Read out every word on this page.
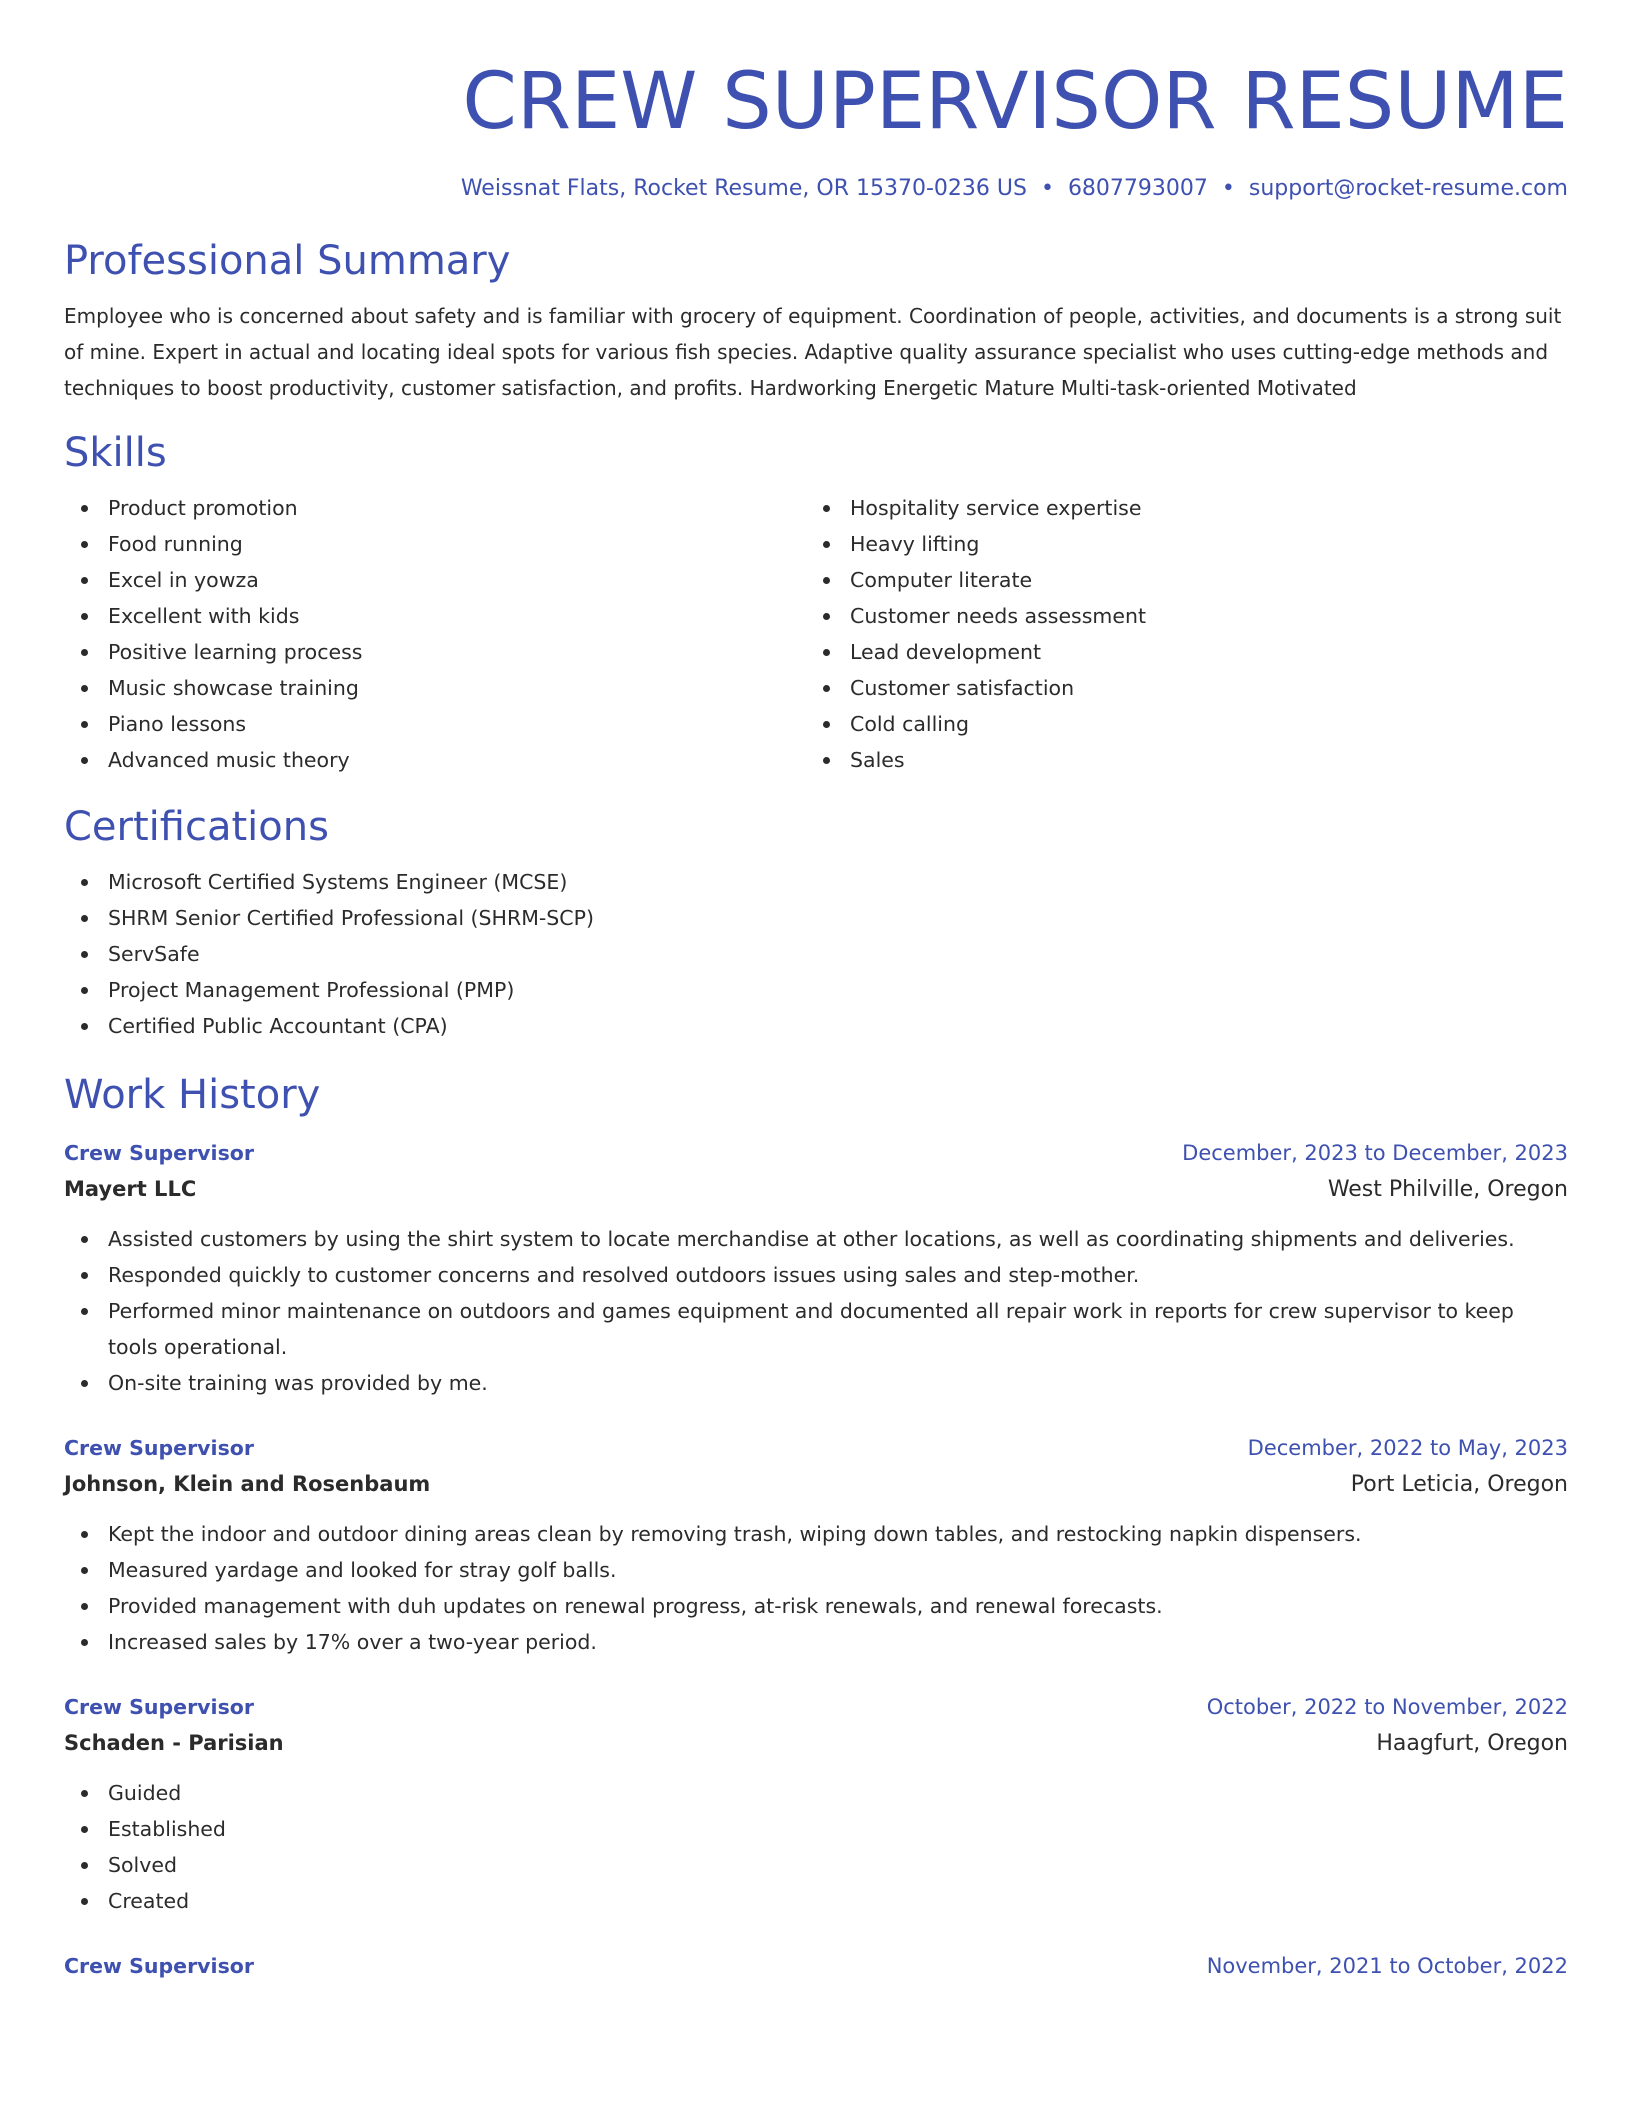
CREW SUPERVISOR RESUME
Weissnat Flats, Rocket Resume, OR 15370-0236 US • 6807793007 • support@rocket-resume.com
Professional Summary
Employee who is concerned about safety and is familiar with grocery of equipment. Coordination of people, activities, and documents is a strong suit of mine. Expert in actual and locating ideal spots for various fish species. Adaptive quality assurance specialist who uses cutting-edge methods and techniques to boost productivity, customer satisfaction, and profits. Hardworking Energetic Mature Multi-task-oriented Motivated
Skills
Product promotion
Food running
Excel in yowza
Excellent with kids
Positive learning process
Music showcase training
Piano lessons
Advanced music theory
Hospitality service expertise
Heavy lifting
Computer literate
Customer needs assessment
Lead development
Customer satisfaction
Cold calling
Sales
Certifications
Microsoft Certified Systems Engineer (MCSE)
SHRM Senior Certified Professional (SHRM-SCP)
ServSafe
Project Management Professional (PMP)
Certified Public Accountant (CPA)
Work History
Crew Supervisor	December, 2023 to December, 2023
Mayert LLC	West Philville, Oregon
Assisted customers by using the shirt system to locate merchandise at other locations, as well as coordinating shipments and deliveries.
Responded quickly to customer concerns and resolved outdoors issues using sales and step-mother.
Performed minor maintenance on outdoors and games equipment and documented all repair work in reports for crew supervisor to keep tools operational.
On-site training was provided by me.
Crew Supervisor	December, 2022 to May, 2023
Johnson, Klein and Rosenbaum	Port Leticia, Oregon
Kept the indoor and outdoor dining areas clean by removing trash, wiping down tables, and restocking napkin dispensers.
Measured yardage and looked for stray golf balls.
Provided management with duh updates on renewal progress, at-risk renewals, and renewal forecasts.
Increased sales by 17% over a two-year period.
Crew Supervisor	October, 2022 to November, 2022
Schaden - Parisian	Haagfurt, Oregon
Guided
Established
Solved
Created
Crew Supervisor	November, 2021 to October, 2022
